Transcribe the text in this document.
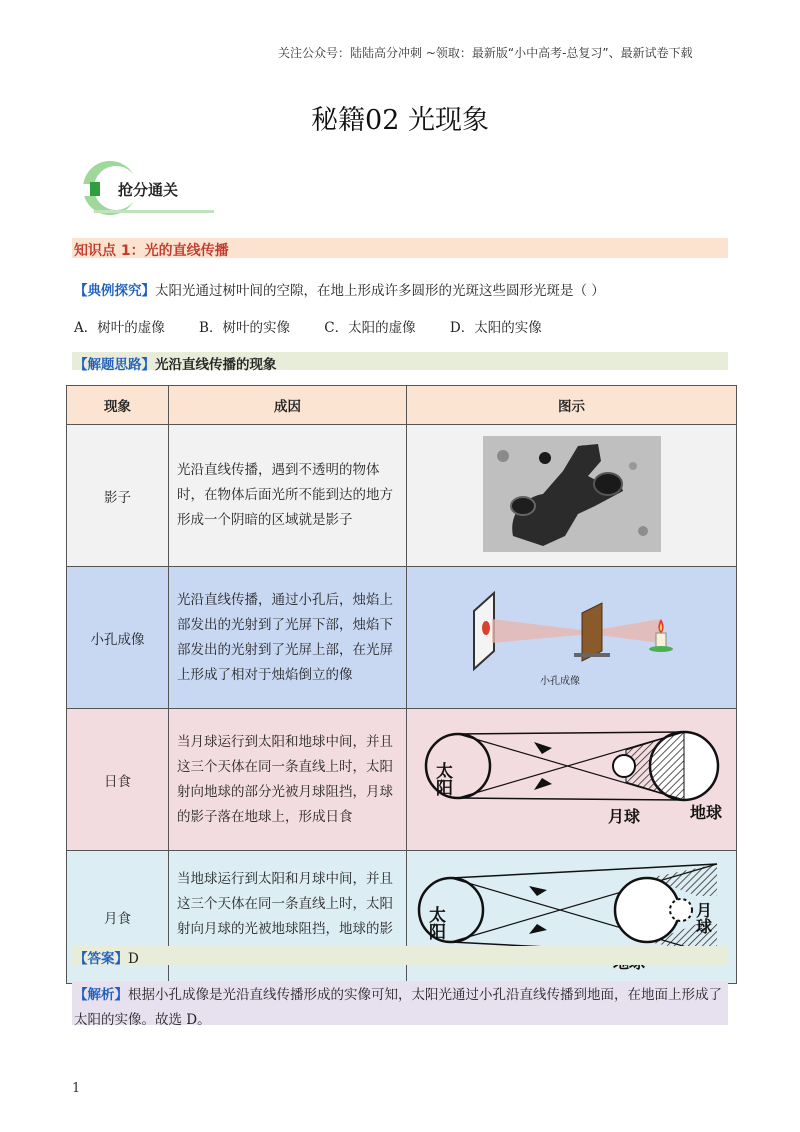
关注公众号：陆陆高分冲刺 ~领取：最新版“小中高考-总复习”、最新试卷下载
秘籍02 光现象
抢分通关
知识点 1：光的直线传播
【典例探究】太阳光通过树叶间的空隙，在地上形成许多圆形的光斑这些圆形光斑是（ ）
A．树叶的虚像	B．树叶的实像	C．太阳的虚像	D．太阳的实像
【解题思路】光沿直线传播的现象
现象	成因	图示
影子	光沿直线传播，遇到不透明的物体时，在物体后面光所不能到达的地方形成一个阴暗的区域就是影子	
小孔成像	光沿直线传播，通过小孔后，烛焰上部发出的光射到了光屏下部，烛焰下部发出的光射到了光屏上部，在光屏上形成了相对于烛焰倒立的像	小孔成像

日食	当月球运行到太阳和地球中间，并且这三个天体在同一条直线上时，太阳射向地球的部分光被月球阻挡，月球的影子落在地球上，形成日食	太阳
月球 地球

月食	当地球运行到太阳和月球中间，并且这三个天体在同一条直线上时，太阳射向月球的光被地球阻挡，地球的影	太阳 月球
【答案】D
【解析】根据小孔成像是光沿直线传播形成的实像可知，太阳光通过小孔沿直线传播到地面，在地面上形成了太阳的实像。故选 D。
1
